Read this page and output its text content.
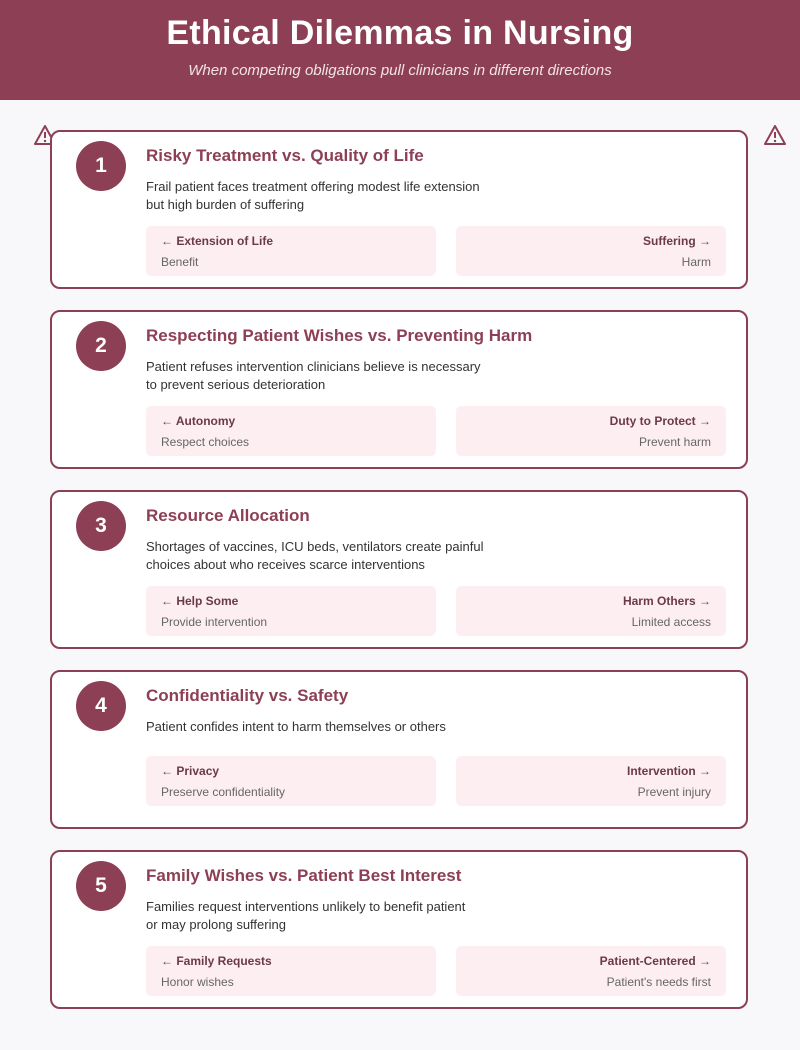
Ethical Dilemmas in Nursing

When competing obligations pull clinicians in different directions

1	Risky Treatment vs. Quality of Life
Frail patient faces treatment offering modest life extension
but high burden of suffering
← Extension of Life
Benefit
Suffering →
Harm
2	Respecting Patient Wishes vs. Preventing Harm
Patient refuses intervention clinicians believe is necessary
to prevent serious deterioration
← Autonomy
Respect choices
Duty to Protect →
Prevent harm
3	Resource Allocation
Shortages of vaccines, ICU beds, ventilators create painful
choices about who receives scarce interventions
← Help Some
Provide intervention
Harm Others →
Limited access
4	Confidentiality vs. Safety
Patient confides intent to harm themselves or others
← Privacy
Preserve confidentiality
Intervention →
Prevent injury
5	Family Wishes vs. Patient Best Interest
Families request interventions unlikely to benefit patient
or may prolong suffering
← Family Requests
Honor wishes
Patient-Centered →
Patient's needs first
